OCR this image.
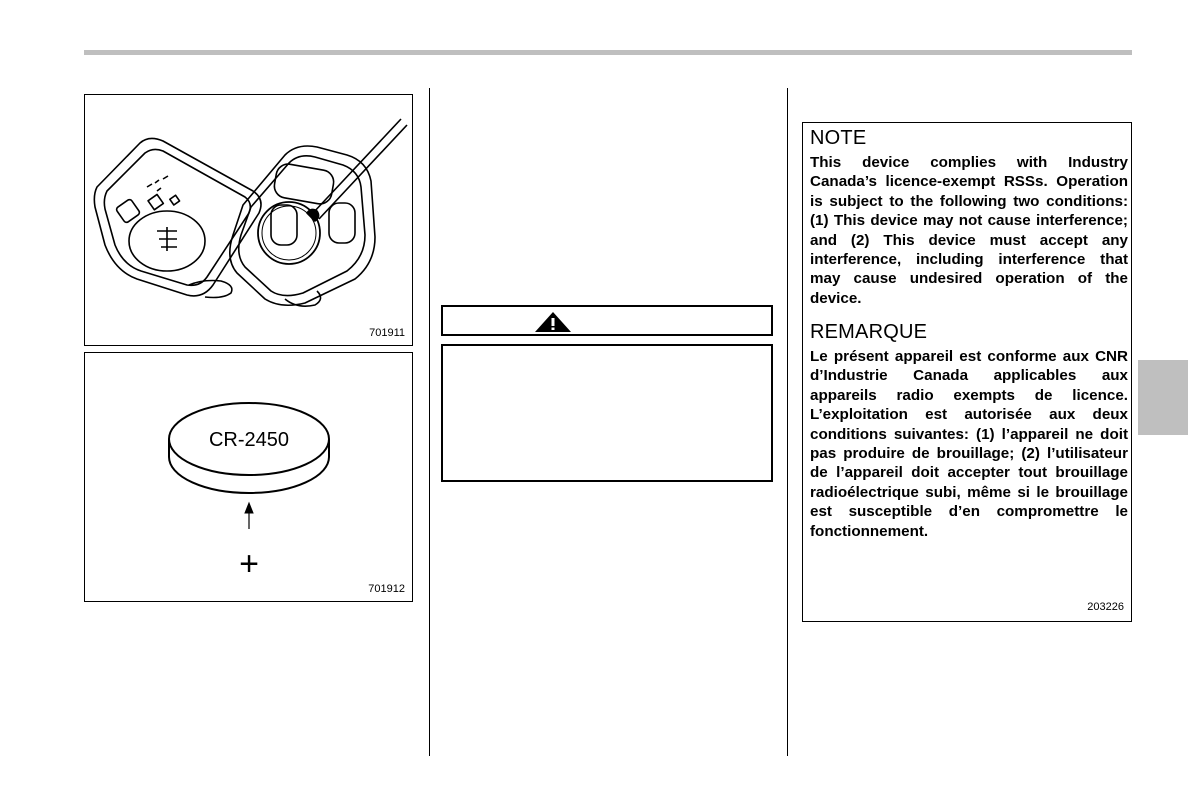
701911
CR-2450
+
701912
NOTE
This device complies with Industry Canada’s licence-exempt RSSs. Operation is subject to the following two conditions: (1) This device may not cause interference; and (2) This device must accept any interference, including interference that may cause undesired operation of the device.
REMARQUE
Le présent appareil est conforme aux CNR d’Industrie Canada applicables aux appareils radio exempts de licence. L’exploitation est autorisée aux deux conditions suivantes: (1) l’appareil ne doit pas produire de brouillage; (2) l’utilisateur de l’appareil doit accepter tout brouillage radioélectrique subi, même si le brouillage est susceptible d’en compromettre le fonctionnement.
203226
